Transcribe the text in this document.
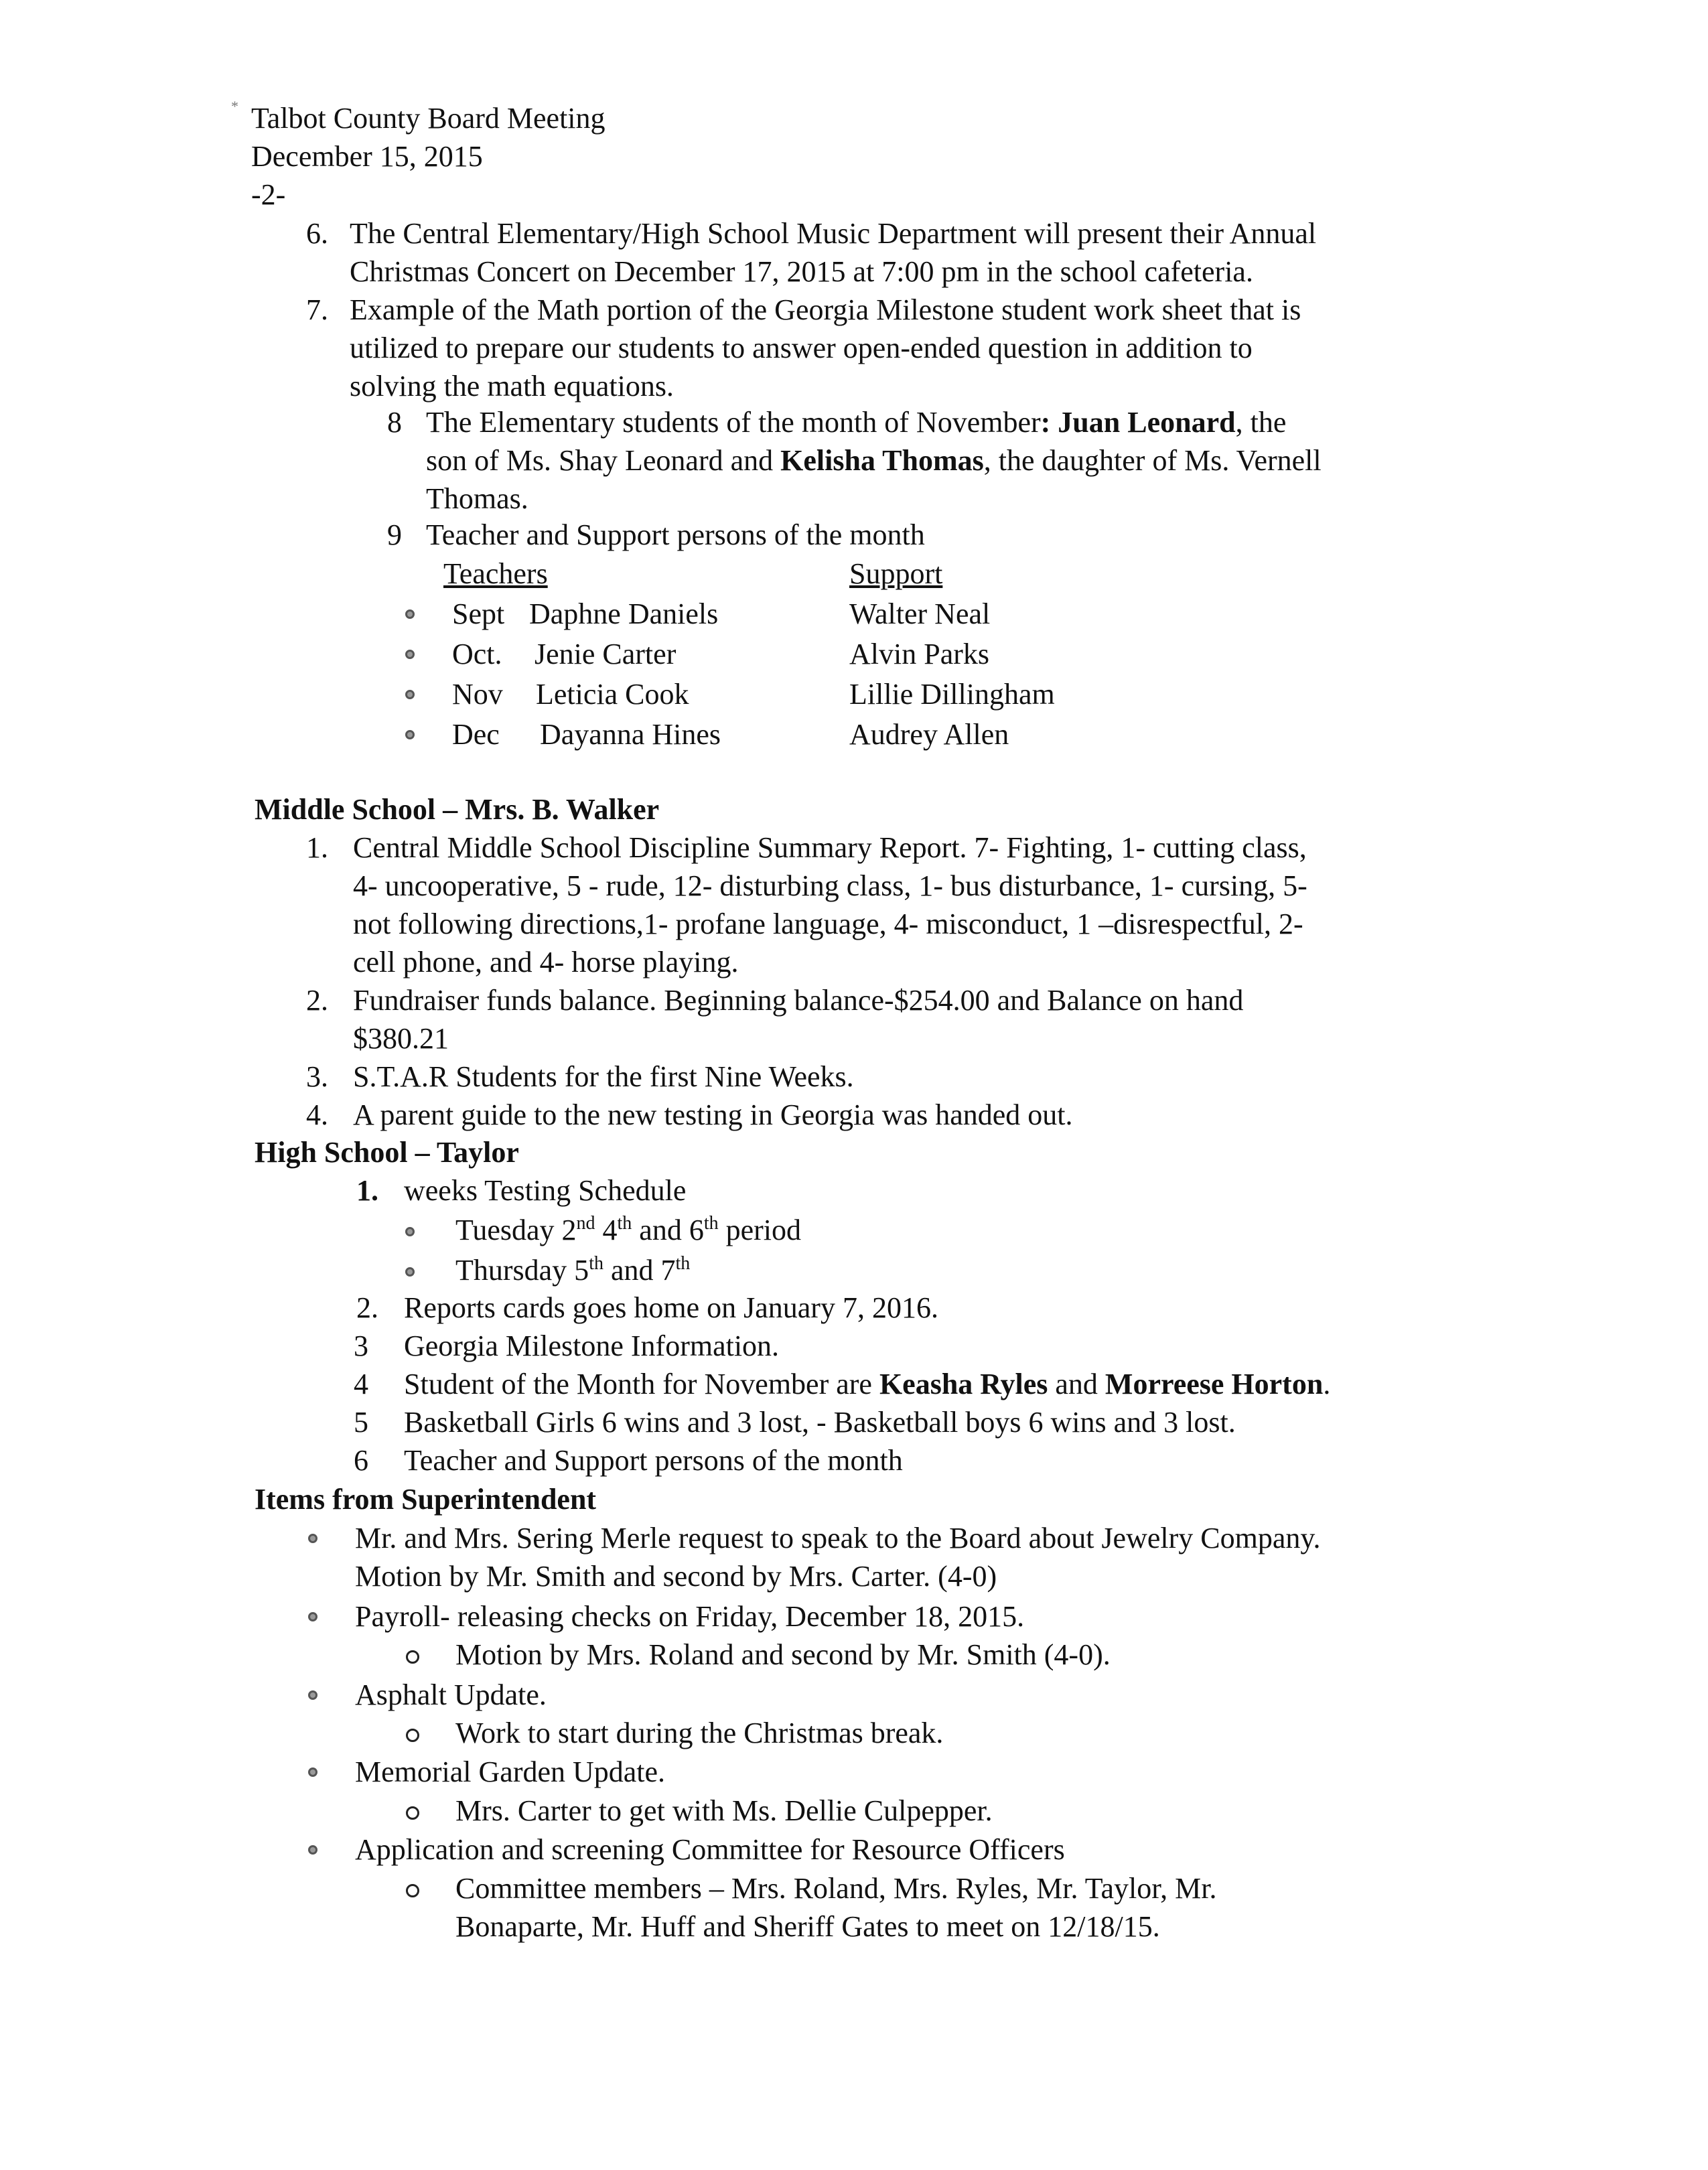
* Talbot County Board Meeting
December 15, 2015
-2-
6. The Central Elementary/High School Music Department will present their Annual
Christmas Concert on December 17, 2015 at 7:00 pm in the school cafeteria.
7. Example of the Math portion of the Georgia Milestone student work sheet that is
utilized to prepare our students to answer open-ended question in addition to
solving the math equations.
8 The Elementary students of the month of November: Juan Leonard, the
son of Ms. Shay Leonard and Kelisha Thomas, the daughter of Ms. Vernell
Thomas.
9 Teacher and Support persons of the month
Teachers	Support
Sept Daphne Daniels	Walter Neal
Oct. Jenie Carter	Alvin Parks
Nov Leticia Cook	Lillie Dillingham
Dec Dayanna Hines	Audrey Allen
Middle School – Mrs. B. Walker
1. Central Middle School Discipline Summary Report. 7- Fighting, 1- cutting class,
4- uncooperative, 5 - rude, 12- disturbing class, 1- bus disturbance, 1- cursing, 5-
not following directions,1- profane language, 4- misconduct, 1 –disrespectful, 2-
cell phone, and 4- horse playing.
2. Fundraiser funds balance. Beginning balance-$254.00 and Balance on hand
$380.21
3. S.T.A.R Students for the first Nine Weeks.
4. A parent guide to the new testing in Georgia was handed out.
High School – Taylor
1. weeks Testing Schedule
Tuesday 2nd 4th and 6th period
Thursday 5th and 7th
2. Reports cards goes home on January 7, 2016.
3 Georgia Milestone Information.
4 Student of the Month for November are Keasha Ryles and Morreese Horton.
5 Basketball Girls 6 wins and 3 lost, - Basketball boys 6 wins and 3 lost.
6 Teacher and Support persons of the month
Items from Superintendent
Mr. and Mrs. Sering Merle request to speak to the Board about Jewelry Company.
Motion by Mr. Smith and second by Mrs. Carter. (4-0)
Payroll- releasing checks on Friday, December 18, 2015.
Motion by Mrs. Roland and second by Mr. Smith (4-0).
Asphalt Update.
Work to start during the Christmas break.
Memorial Garden Update.
Mrs. Carter to get with Ms. Dellie Culpepper.
Application and screening Committee for Resource Officers
Committee members – Mrs. Roland, Mrs. Ryles, Mr. Taylor, Mr.
Bonaparte, Mr. Huff and Sheriff Gates to meet on 12/18/15.
